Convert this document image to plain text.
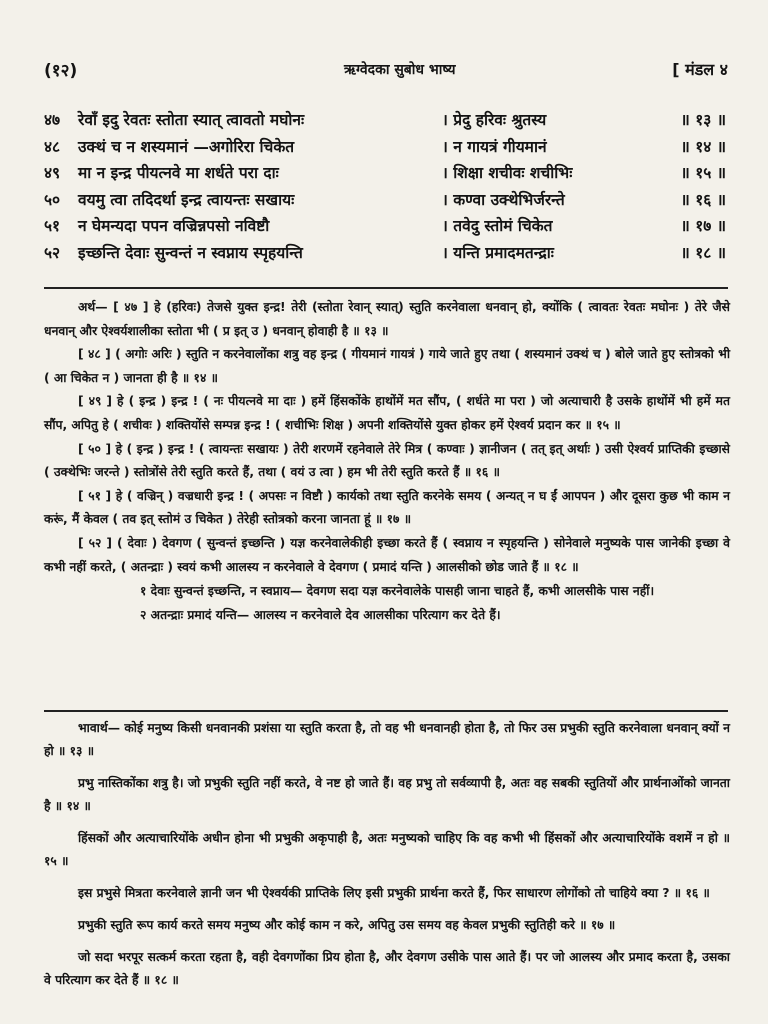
(१२)	ऋग्वेदका सुबोध भाष्य	[ मंडल ४
४७ रेवाँ इदु रेवतः स्तोता स्यात् त्वावतो मघोनः	। प्रेदु हरिवः श्रुतस्य	॥ १३ ॥
४८ उक्थं च न शस्यमानं —अगोरिरा चिकेत	। न गायत्रं गीयमानं	॥ १४ ॥
४९ मा न इन्द्र पीयत्नवे मा शर्धते परा दाः	। शिक्षा शचीवः शचीभिः	॥ १५ ॥
५० वयमु त्वा तदिदर्था इन्द्र त्वायन्तः सखायः	। कण्वा उक्थेभिर्जरन्ते	॥ १६ ॥
५१ न घेमन्यदा पपन वज्रिन्नपसो नविष्टौ	। तवेदु स्तोमं चिकेत	॥ १७ ॥
५२ इच्छन्ति देवाः सुन्वन्तं न स्वप्नाय स्पृहयन्ति	। यन्ति प्रमादमतन्द्राः	॥ १८ ॥

अर्थ— [ ४७ ] हे (हरिवः) तेजसे युक्त इन्द्र! तेरी (स्तोता रेवान् स्यात्) स्तुति करनेवाला धनवान् हो, क्योंकि ( त्वावतः रेवतः मघोनः ) तेरे जैसे धनवान् और ऐश्वर्यशालीका स्तोता भी ( प्र इत् उ ) धनवान् होवाही है ॥ १३ ॥

[ ४८ ] ( अगोः अरिः ) स्तुति न करनेवालोंका शत्रु वह इन्द्र ( गीयमानं गायत्रं ) गाये जाते हुए तथा ( शस्यमानं उक्थं च ) बोले जाते हुए स्तोत्रको भी ( आ चिकेत न ) जानता ही है ॥ १४ ॥

[ ४९ ] हे ( इन्द्र ) इन्द्र ! ( नः पीयत्नवे मा दाः ) हमें हिंसकोंके हाथोंमें मत सौंप, ( शर्धते मा परा ) जो अत्याचारी है उसके हाथोंमें भी हमें मत सौंप, अपितु हे ( शचीवः ) शक्तियोंसे सम्पन्न इन्द्र ! ( शचीभिः शिक्ष ) अपनी शक्तियोंसे युक्त होकर हमें ऐश्वर्य प्रदान कर ॥ १५ ॥

[ ५० ] हे ( इन्द्र ) इन्द्र ! ( त्वायन्तः सखायः ) तेरी शरणमें रहनेवाले तेरे मित्र ( कण्वाः ) ज्ञानीजन ( तत् इत् अर्थाः ) उसी ऐश्वर्य प्राप्तिकी इच्छासे ( उक्थेभिः जरन्ते ) स्तोत्रोंसे तेरी स्तुति करते हैं, तथा ( वयं उ त्वा ) हम भी तेरी स्तुति करते हैं ॥ १६ ॥

[ ५१ ] हे ( वज्रिन् ) वज्रधारी इन्द्र ! ( अपसः न विष्टौ ) कार्यको तथा स्तुति करनेके समय ( अन्यत् न घ ईं आपपन ) और दूसरा कुछ भी काम न करूं, मैं केवल ( तव इत् स्तोमं उ चिकेत ) तेरेही स्तोत्रको करना जानता हूं ॥ १७ ॥

[ ५२ ] ( देवाः ) देवगण ( सुन्वन्तं इच्छन्ति ) यज्ञ करनेवालेकीही इच्छा करते हैं ( स्वप्नाय न स्पृहयन्ति ) सोनेवाले मनुष्यके पास जानेकी इच्छा वे कभी नहीं करते, ( अतन्द्राः ) स्वयं कभी आलस्य न करनेवाले वे देवगण ( प्रमादं यन्ति ) आलसीको छोड जाते हैं ॥ १८ ॥

१ देवाः सुन्वन्तं इच्छन्ति, न स्वप्नाय— देवगण सदा यज्ञ करनेवालेके पासही जाना चाहते हैं, कभी आलसीके पास नहीं।

२ अतन्द्राः प्रमादं यन्ति— आलस्य न करनेवाले देव आलसीका परित्याग कर देते हैं।

भावार्थ— कोई मनुष्य किसी धनवानकी प्रशंसा या स्तुति करता है, तो वह भी धनवानही होता है, तो फिर उस प्रभुकी स्तुति करनेवाला धनवान् क्यों न हो ॥ १३ ॥

प्रभु नास्तिकोंका शत्रु है। जो प्रभुकी स्तुति नहीं करते, वे नष्ट हो जाते हैं। वह प्रभु तो सर्वव्यापी है, अतः वह सबकी स्तुतियों और प्रार्थनाओंको जानता है ॥ १४ ॥

हिंसकों और अत्याचारियोंके अधीन होना भी प्रभुकी अकृपाही है, अतः मनुष्यको चाहिए कि वह कभी भी हिंसकों और अत्याचारियोंके वशमें न हो ॥ १५ ॥

इस प्रभुसे मित्रता करनेवाले ज्ञानी जन भी ऐश्वर्यकी प्राप्तिके लिए इसी प्रभुकी प्रार्थना करते हैं, फिर साधारण लोगोंको तो चाहिये क्या ? ॥ १६ ॥

प्रभुकी स्तुति रूप कार्य करते समय मनुष्य और कोई काम न करे, अपितु उस समय वह केवल प्रभुकी स्तुतिही करे ॥ १७ ॥

जो सदा भरपूर सत्कर्म करता रहता है, वही देवगणोंका प्रिय होता है, और देवगण उसीके पास आते हैं। पर जो आलस्य और प्रमाद करता है, उसका वे परित्याग कर देते हैं ॥ १८ ॥
